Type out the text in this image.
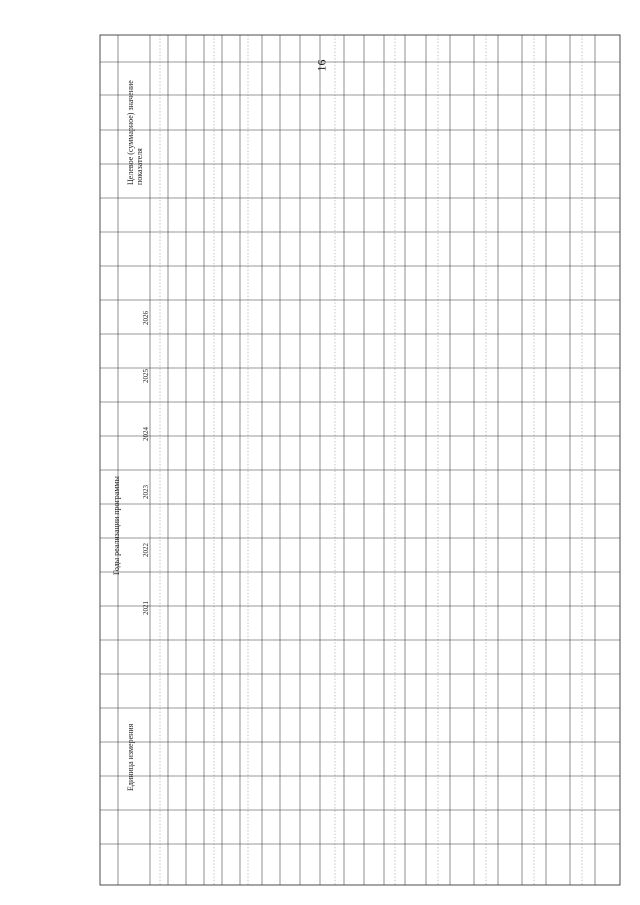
16
Годы реализации программы
2021
2022
2023
2024
2025
2026
Единица измерения
Целевое (суммарное) значение показателя
